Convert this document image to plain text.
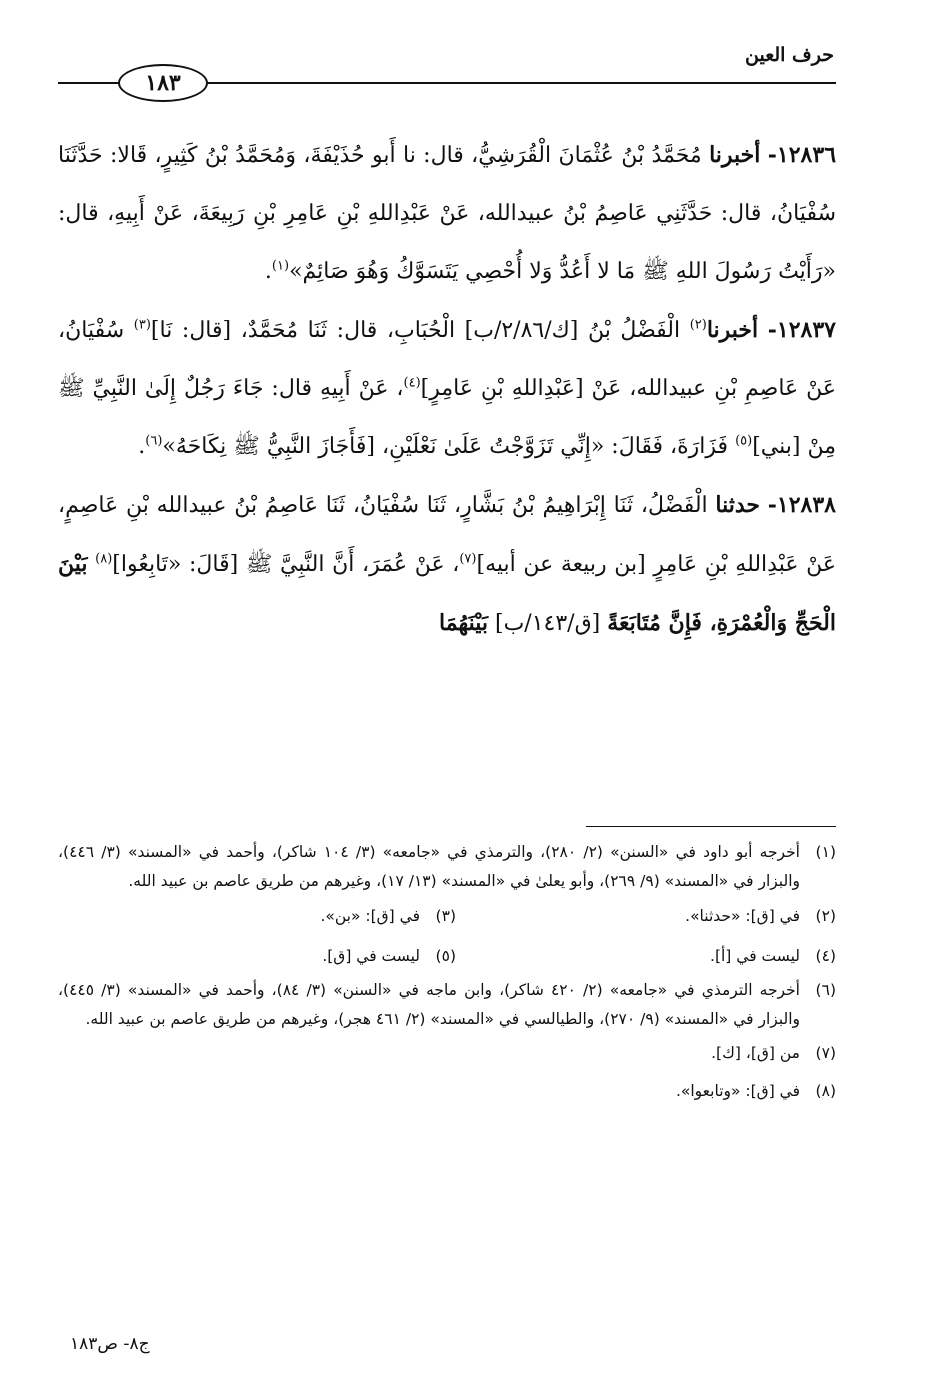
حرف العين
١٨٣

١٢٨٣٦- أخبرنا مُحَمَّدُ بْنُ عُثْمَانَ الْقُرَشِيُّ، قال: نا أَبو حُذَيْفَةَ، وَمُحَمَّدُ بْنُ كَثِيرٍ، قَالا: حَدَّثَنَا سُفْيَانُ، قال: حَدَّثَنِي عَاصِمُ بْنُ عبيدالله، عَنْ عَبْدِاللهِ بْنِ عَامِرِ بْنِ رَبِيعَةَ، عَنْ أَبِيهِ، قال: «رَأَيْتُ رَسُولَ اللهِ ﷺ مَا لا أَعُدُّ وَلا أُحْصِي يَتَسَوَّكُ وَهُوَ صَائِمٌ»$^{(١)}$.

١٢٨٣٧- أخبرنا$^{(٢)}$ الْفَضْلُ بْنُ [ك/٢/٨٦/ب] الْحُبَابِ، قال: ثَنَا مُحَمَّدٌ، [قال: نَا]$^{(٣)}$ سُفْيَانُ، عَنْ عَاصِمِ بْنِ عبيدالله، عَنْ [عَبْدِاللهِ بْنِ عَامِرٍ]$^{(٤)}$، عَنْ أَبِيهِ قال: جَاءَ رَجُلٌ إِلَىٰ النَّبِيِّ ﷺ مِنْ [بني]$^{(٥)}$ فَزَارَةَ، فَقَالَ: «إِنِّي تَزَوَّجْتُ عَلَىٰ نَعْلَيْنِ، [فَأَجَازَ النَّبِيُّ ﷺ نِكَاحَهُ»$^{(٦)}$.

١٢٨٣٨- حدثنا الْفَضْلُ، ثَنَا إِبْرَاهِيمُ بْنُ بَشَّارٍ، ثَنَا سُفْيَانُ، ثَنَا عَاصِمُ بْنُ عبيدالله بْنِ عَاصِمٍ، عَنْ عَبْدِاللهِ بْنِ عَامِرٍ [بن ربيعة عن أبيه]$^{(٧)}$، عَنْ عُمَرَ، أَنَّ النَّبِيَّ ﷺ [قَالَ: «تَابِعُوا]$^{(٨)}$ بَيْنَ الْحَجِّ وَالْعُمْرَةِ، فَإِنَّ مُتَابَعَةً [ق/١٤٣/ب] بَيْنَهُمَا

(١)
أخرجه أبو داود في «السنن» (٢/ ٢٨٠)، والترمذي في «جامعه» (٣/ ١٠٤ شاكر)، وأحمد في «المسند» (٣/ ٤٤٦)، والبزار في «المسند» (٩/ ٢٦٩)، وأبو يعلىٰ في «المسند» (١٣/ ١٧)، وغيرهم من طريق عاصم بن عبيد الله.
(٢)
في [ق]: «حدثنا».
(٣)
في [ق]: «بن».
(٤)
ليست في [أ].
(٥)
ليست في [ق].
(٦)
أخرجه الترمذي في «جامعه» (٢/ ٤٢٠ شاكر)، وابن ماجه في «السنن» (٣/ ٨٤)، وأحمد في «المسند» (٣/ ٤٤٥)، والبزار في «المسند» (٩/ ٢٧٠)، والطيالسي في «المسند» (٢/ ٤٦١ هجر)، وغيرهم من طريق عاصم بن عبيد الله.
(٧)
من [ق]، [ك].
(٨)
في [ق]: «وتابعوا».
ج٨- ص١٨٣
